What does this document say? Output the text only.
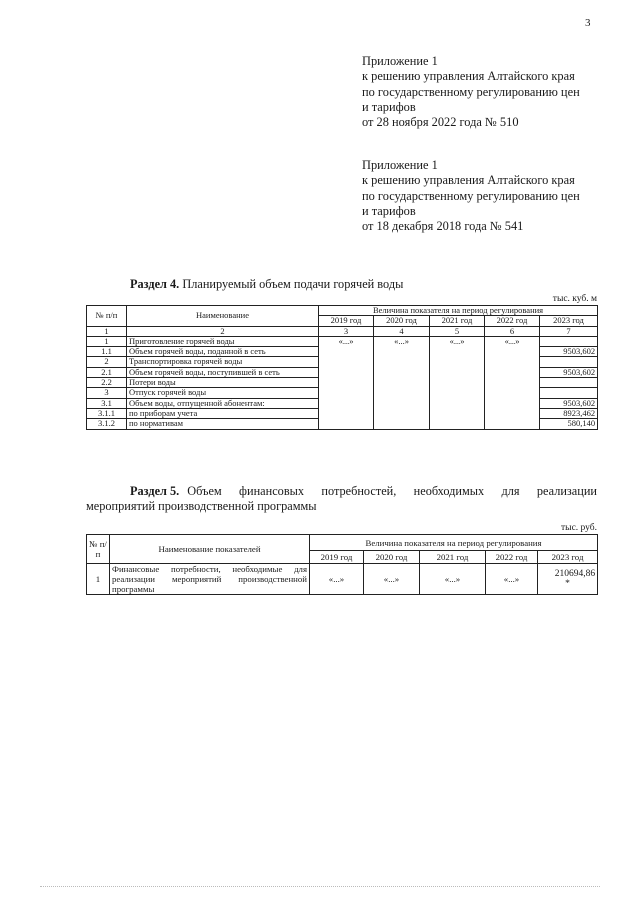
3
Приложение 1
к решению управления Алтайского края
по государственному регулированию цен
и тарифов
от 28 ноября 2022 года № 510
Приложение 1
к решению управления Алтайского края
по государственному регулированию цен
и тарифов
от 18 декабря 2018 года № 541
Раздел 4. Планируемый объем подачи горячей воды
тыс. куб. м
№ п/п	Наименование	Величина показателя на период регулирования				
		2019 год	2020 год	2021 год	2022 год	2023 год
1	2	3	4	5	6	7
1	Приготовление горячей воды	«...»	«...»	«...»	«...»	
1.1	Объем горячей воды, поданной в сеть					9503,602
2	Транспортировка горячей воды					
2.1	Объем горячей воды, поступившей в сеть					9503,602
2.2	Потери воды					
3	Отпуск горячей воды					
3.1	Объем воды, отпущенной абонентам:					9503,602
3.1.1	по приборам учета					8923,462
3.1.2	по нормативам					580,140
Раздел 5. Объем финансовых потребностей, необходимых для реализации
мероприятий производственной программы
тыс. руб.
№ п/п	Наименование показателей	Величина показателя на период регулирования				
		2019 год	2020 год	2021 год	2022 год	2023 год
1	Финансовые потребности, необходимые для реализации мероприятий производственной программы	«...»	«...»	«...»	«...»	210694,86
*
